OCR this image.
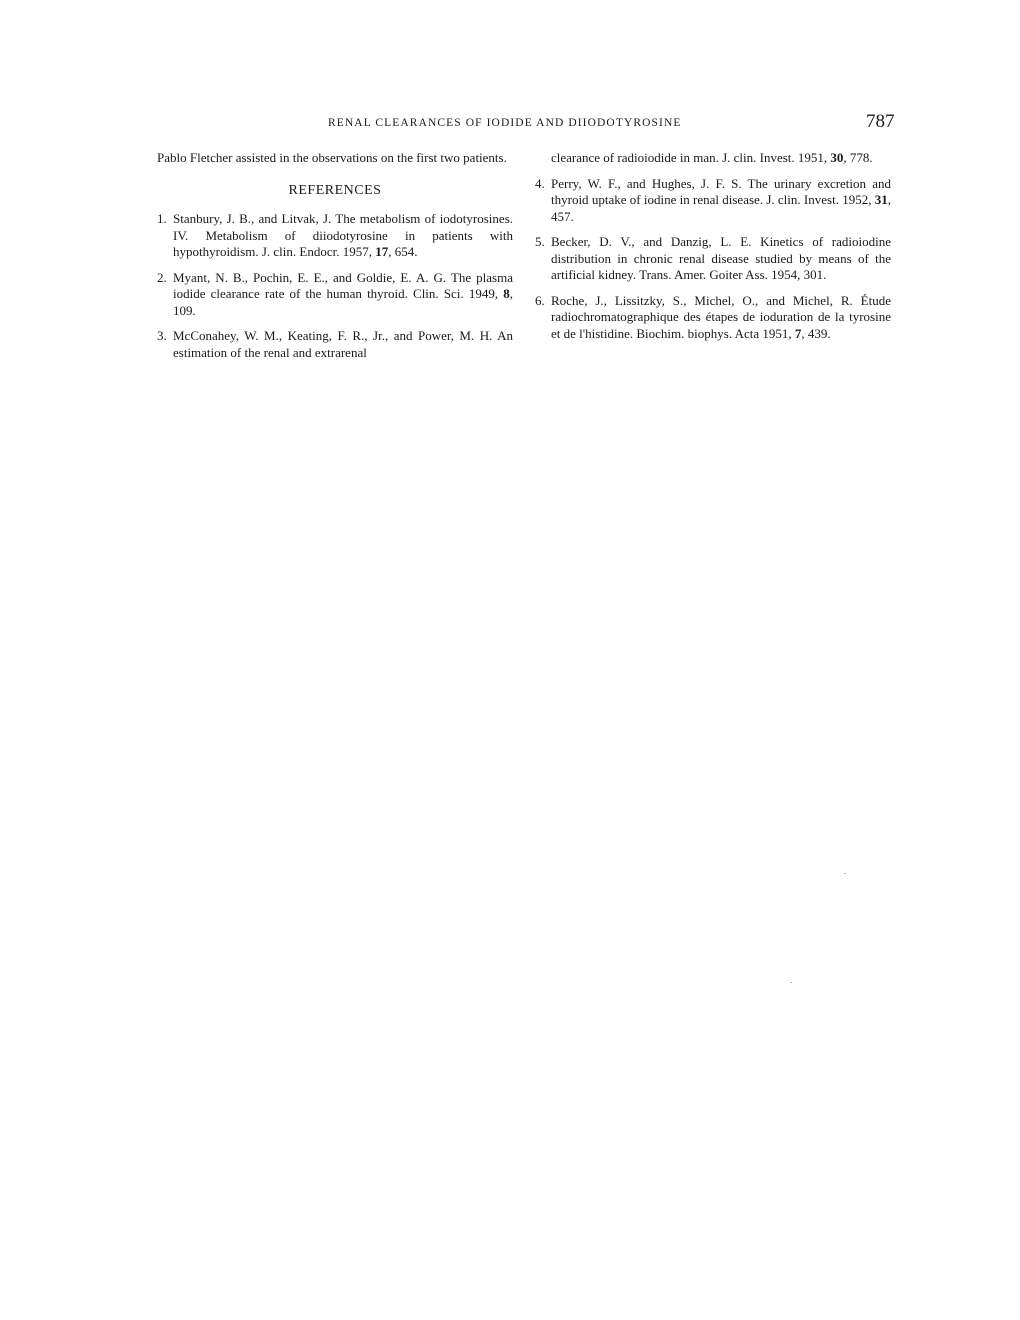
RENAL CLEARANCES OF IODIDE AND DIIODOTYROSINE	787

Pablo Fletcher assisted in the observations on the first two patients.

REFERENCES
1. Stanbury, J. B., and Litvak, J. The metabolism of iodotyrosines. IV. Metabolism of diiodotyrosine in patients with hypothyroidism. J. clin. Endocr. 1957, 17, 654.
2. Myant, N. B., Pochin, E. E., and Goldie, E. A. G. The plasma iodide clearance rate of the human thyroid. Clin. Sci. 1949, 8, 109.
3. McConahey, W. M., Keating, F. R., Jr., and Power, M. H. An estimation of the renal and extrarenal
clearance of radioiodide in man. J. clin. Invest. 1951, 30, 778.
4. Perry, W. F., and Hughes, J. F. S. The urinary excretion and thyroid uptake of iodine in renal disease. J. clin. Invest. 1952, 31, 457.
5. Becker, D. V., and Danzig, L. E. Kinetics of radioiodine distribution in chronic renal disease studied by means of the artificial kidney. Trans. Amer. Goiter Ass. 1954, 301.
6. Roche, J., Lissitzky, S., Michel, O., and Michel, R. Étude radiochromatographique des étapes de ioduration de la tyrosine et de l'histidine. Biochim. biophys. Acta 1951, 7, 439.
